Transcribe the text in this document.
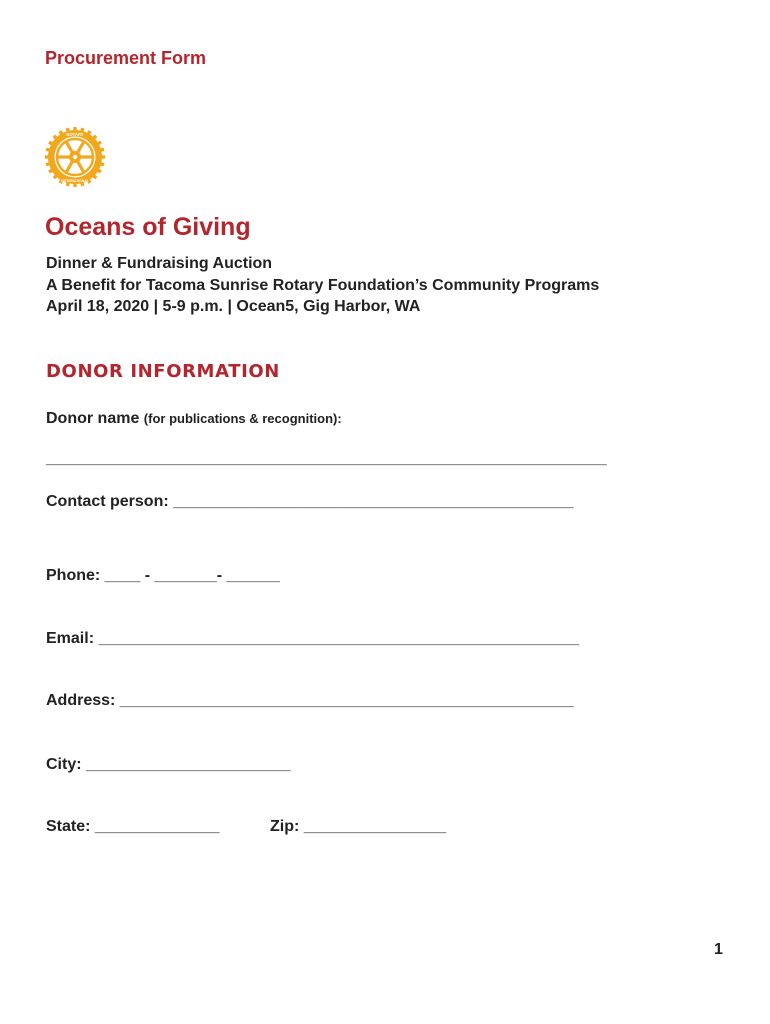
Procurement Form
ROTARY
INTERNATIONAL
Oceans of Giving
Dinner & Fundraising Auction
A Benefit for Tacoma Sunrise Rotary Foundation’s Community Programs
April 18, 2020 | 5-9 p.m. | Ocean5, Gig Harbor, WA
DONOR INFORMATION
Donor name (for publications & recognition):
_______________________________________________________________
Contact person: _____________________________________________
Phone: ____ - _______- ______
Email: ______________________________________________________
Address: ___________________________________________________
City: _______________________
State: ______________	Zip: ________________
1
